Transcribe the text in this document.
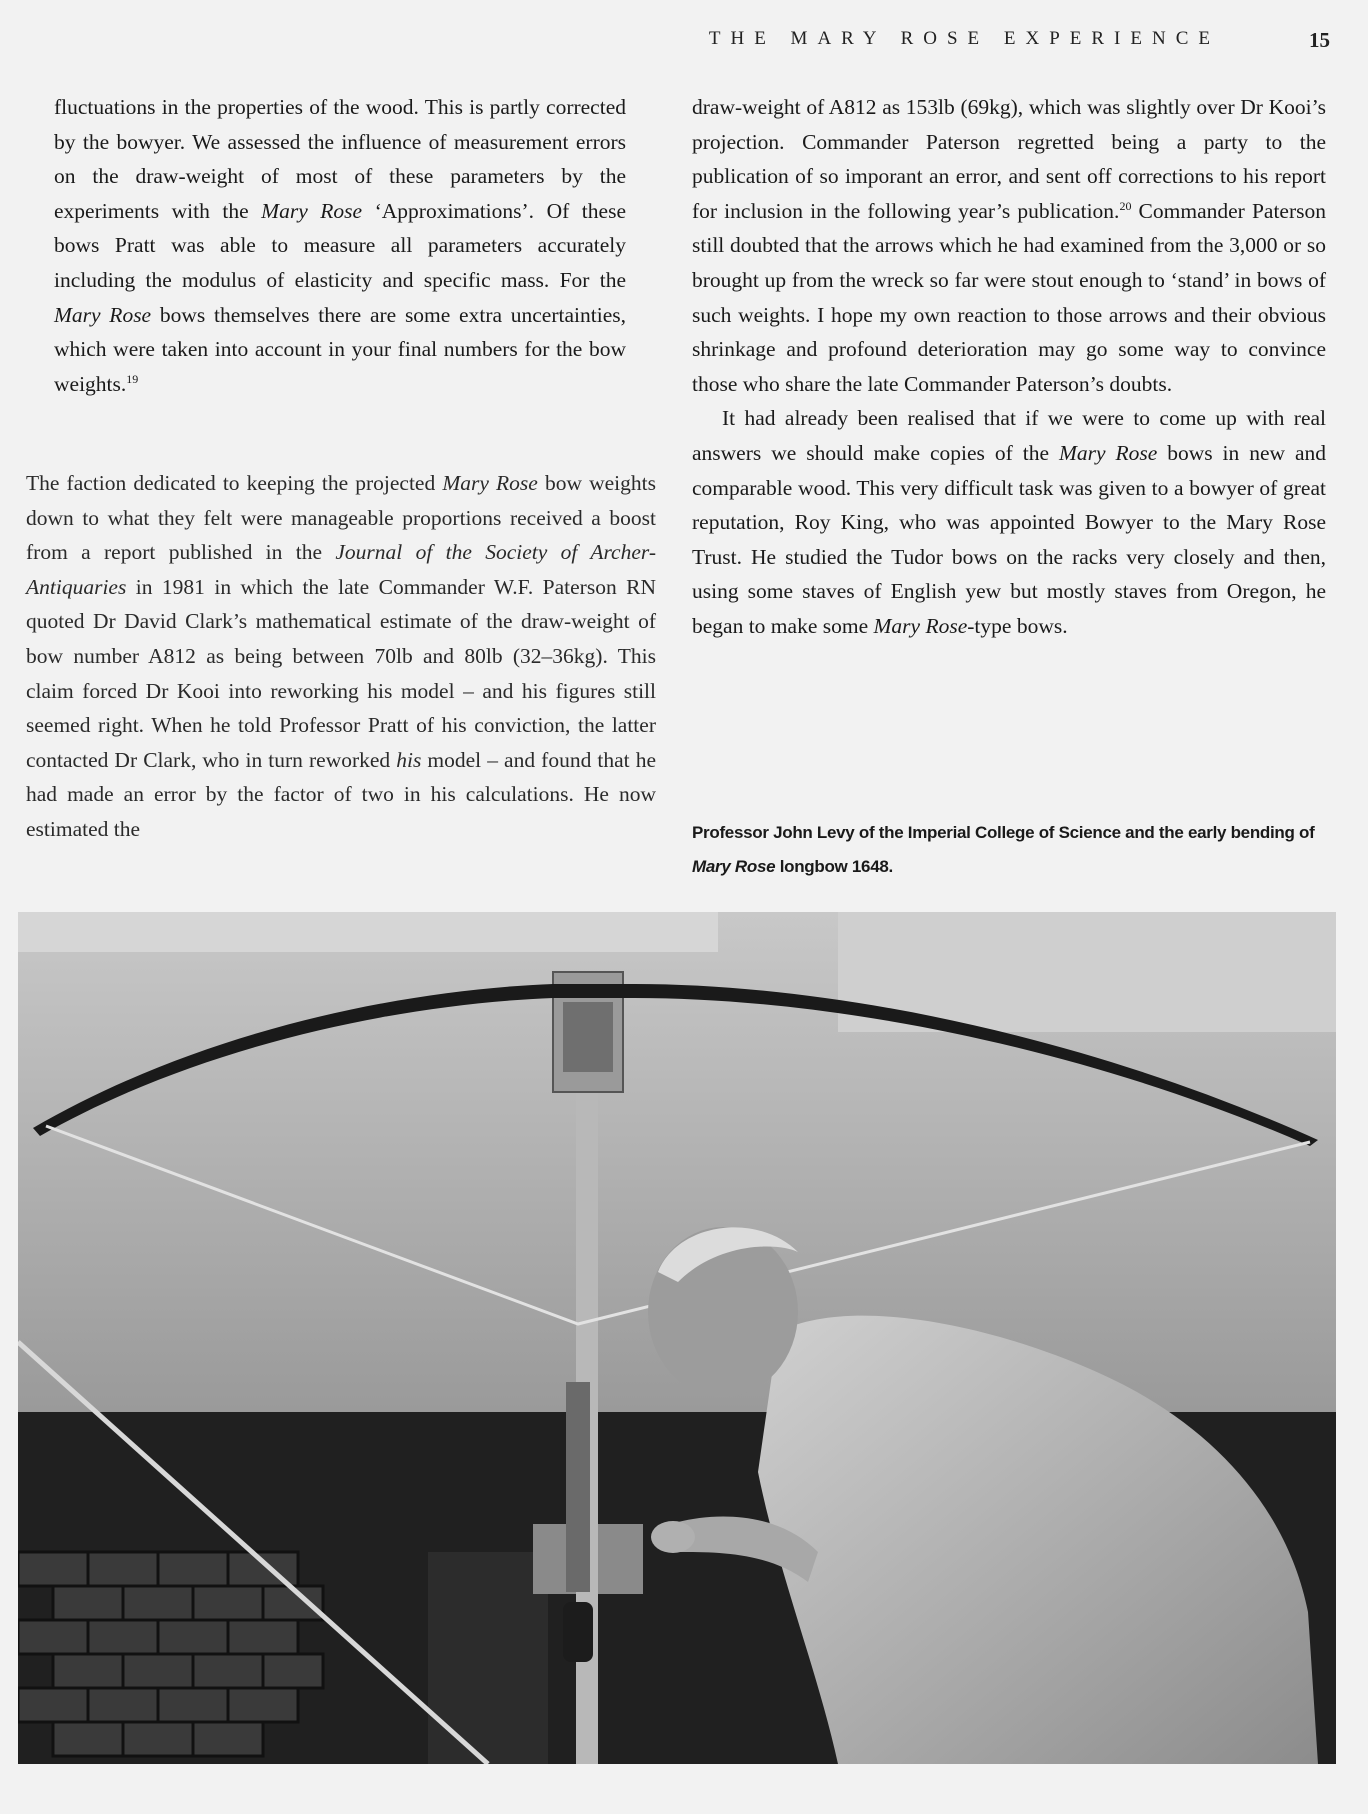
THE MARY ROSE EXPERIENCE	15

fluctuations in the properties of the wood. This is partly corrected by the bowyer. We assessed the influence of measurement errors on the draw-weight of most of these parameters by the experiments with the Mary Rose ‘Approximations’. Of these bows Pratt was able to measure all parameters accurately including the modulus of elasticity and specific mass. For the Mary Rose bows themselves there are some extra uncertainties, which were taken into account in your final numbers for the bow weights.$^{19}$

The faction dedicated to keeping the projected Mary Rose bow weights down to what they felt were manageable proportions received a boost from a report published in the Journal of the Society of Archer-Antiquaries in 1981 in which the late Commander W.F. Paterson RN quoted Dr David Clark’s mathematical estimate of the draw-weight of bow number A812 as being between 70lb and 80lb (32–36kg). This claim forced Dr Kooi into reworking his model – and his figures still seemed right. When he told Professor Pratt of his conviction, the latter contacted Dr Clark, who in turn reworked his model – and found that he had made an error by the factor of two in his calculations. He now estimated the

draw-weight of A812 as 153lb (69kg), which was slightly over Dr Kooi’s projection. Commander Paterson regretted being a party to the publication of so imporant an error, and sent off corrections to his report for inclusion in the following year’s publication.$^{20}$ Commander Paterson still doubted that the arrows which he had examined from the 3,000 or so brought up from the wreck so far were stout enough to ‘stand’ in bows of such weights. I hope my own reaction to those arrows and their obvious shrinkage and profound deterioration may go some way to convince those who share the late Commander Paterson’s doubts.

It had already been realised that if we were to come up with real answers we should make copies of the Mary Rose bows in new and comparable wood. This very difficult task was given to a bowyer of great reputation, Roy King, who was appointed Bowyer to the Mary Rose Trust. He studied the Tudor bows on the racks very closely and then, using some staves of English yew but mostly staves from Oregon, he began to make some Mary Rose-type bows.

Professor John Levy of the Imperial College of Science and the early bending of Mary Rose longbow 1648.
